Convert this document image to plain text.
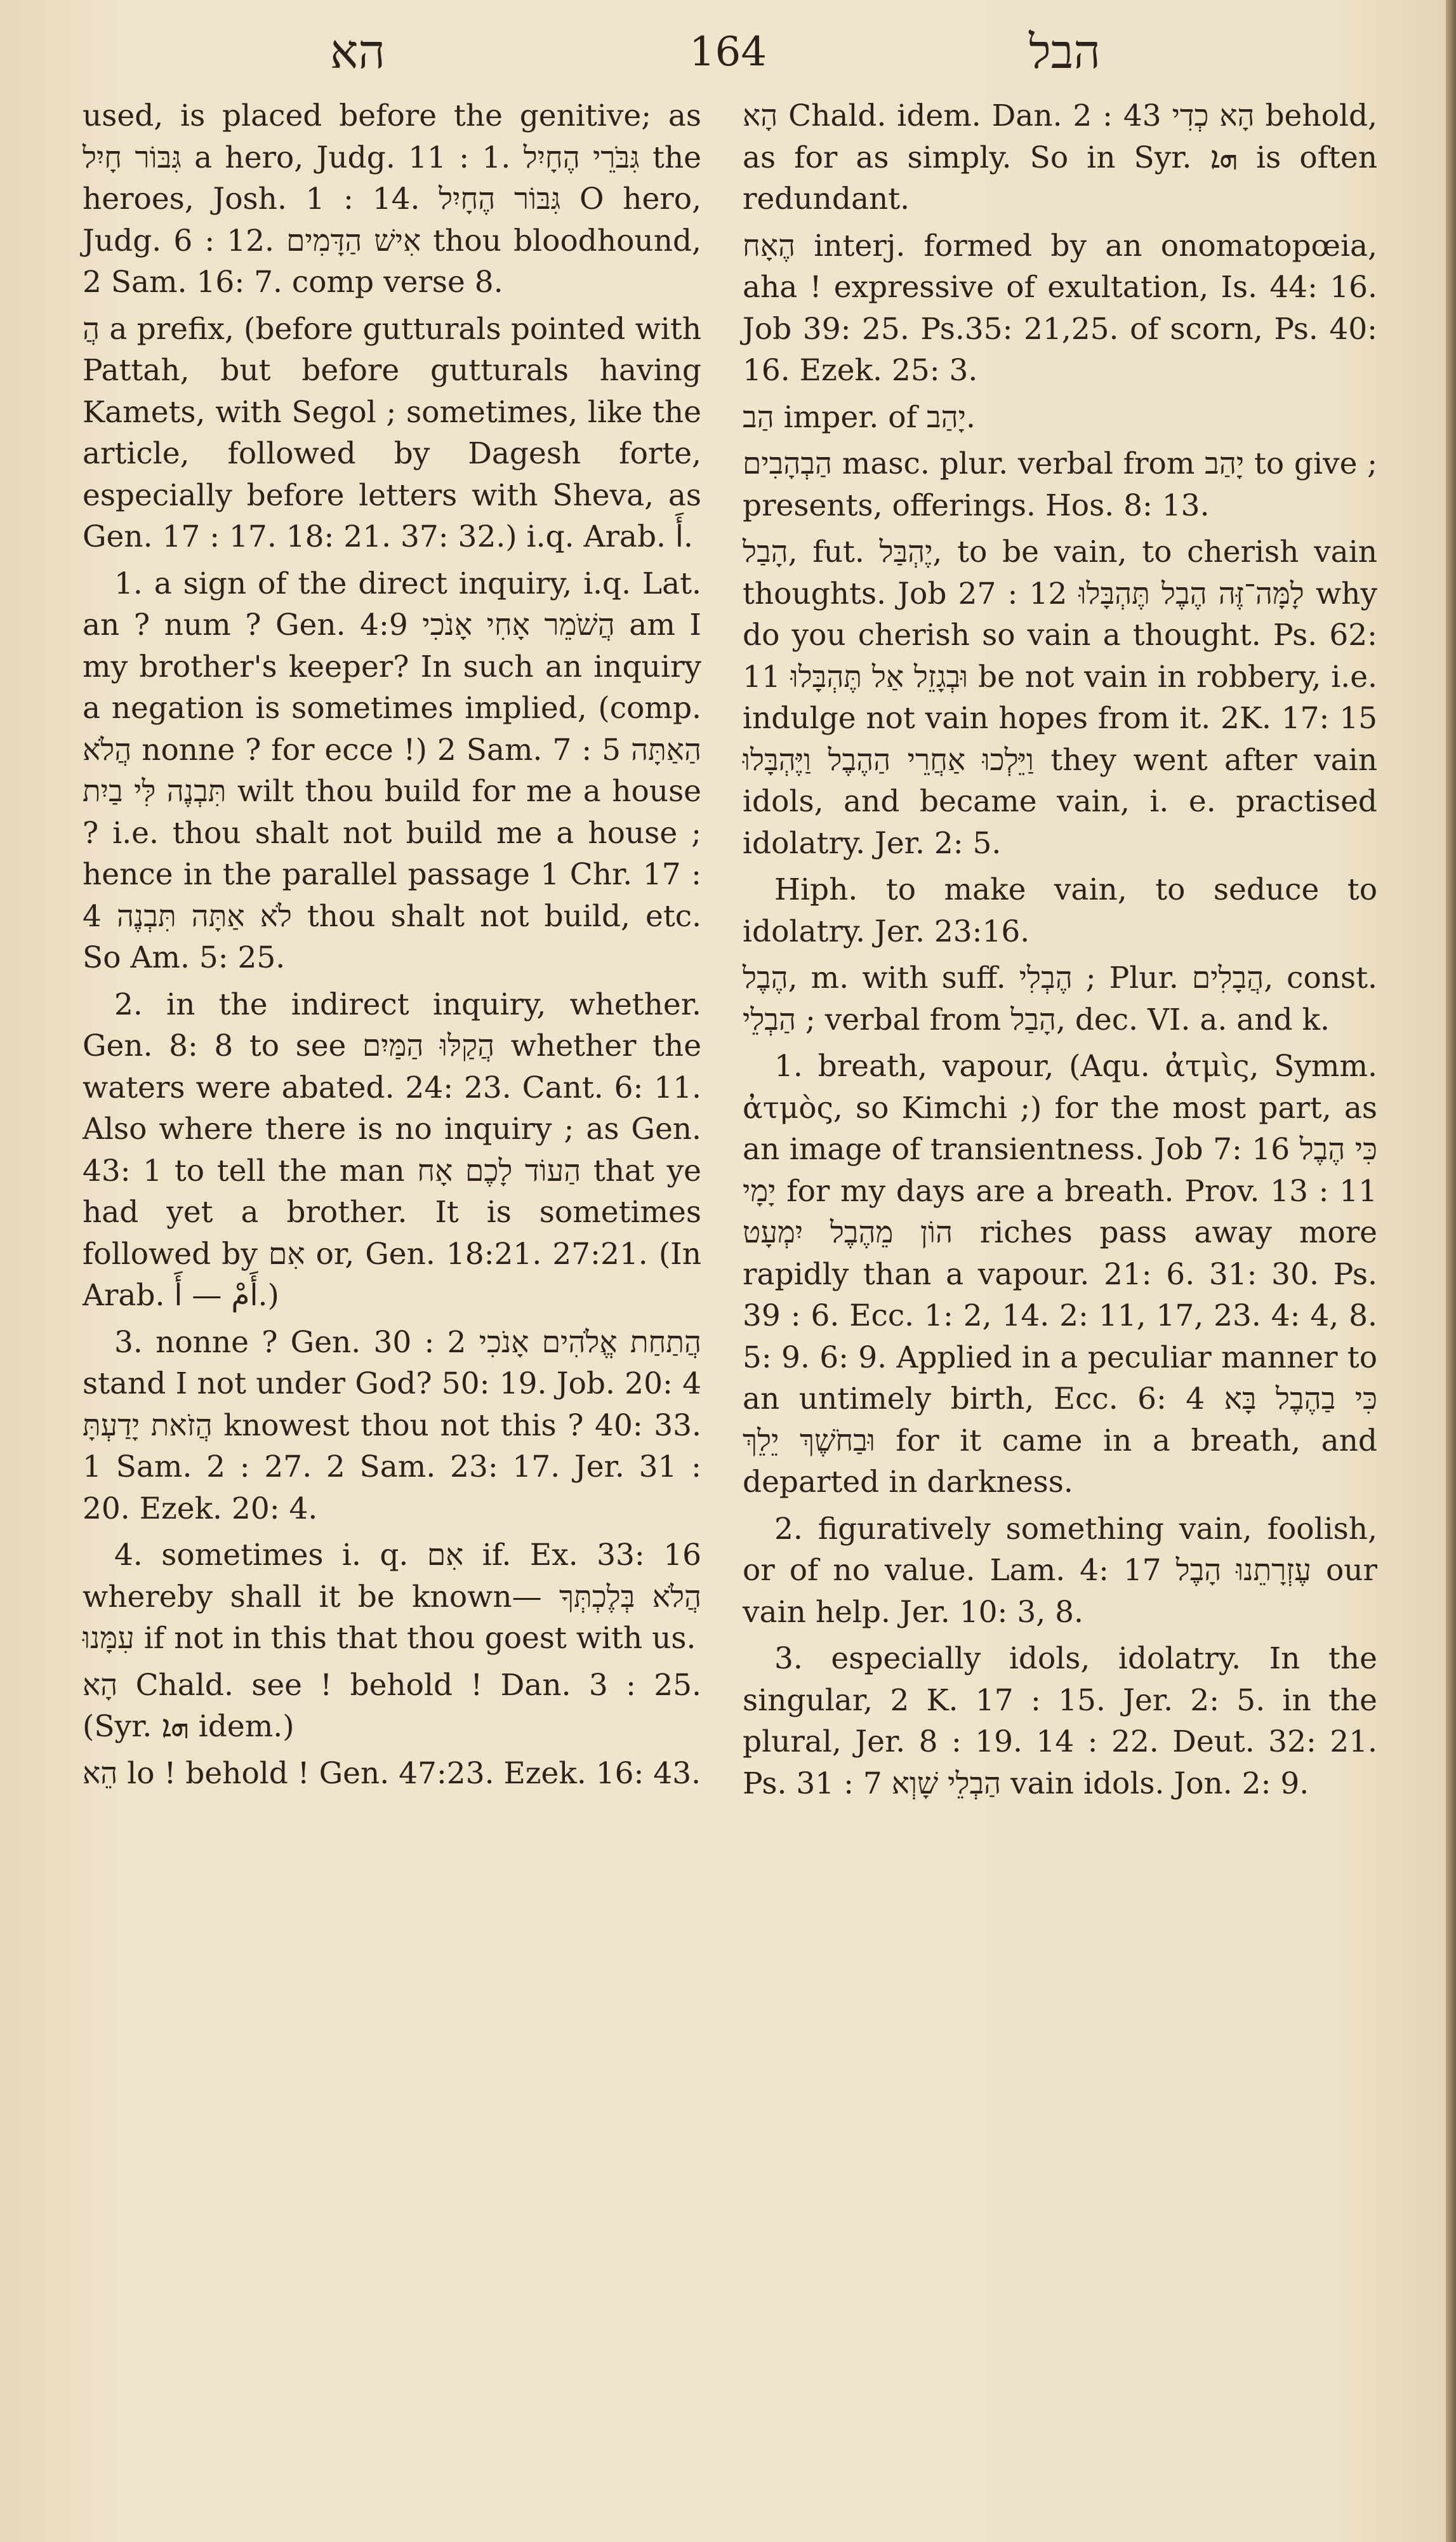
הא	164	הבל

used, is placed before the genitive; as גִּבּוֹר חָיִל a hero, Judg. 11 : 1. גִּבֹּרֵי הֶחָיִל the heroes, Josh. 1 : 14. גִּבּוֹר הֶחָיִל O hero, Judg. 6 : 12. אִישׁ הַדָּמִים thou bloodhound, 2 Sam. 16: 7. comp verse 8.

הֲ a prefix, (before gutturals pointed with Pattah, but before gutturals having Kamets, with Segol ; sometimes, like the article, followed by Dagesh forte, especially before letters with Sheva, as Gen. 17 : 17. 18: 21. 37: 32.) i.q. Arab. أَ.

1. a sign of the direct inquiry, i.q. Lat. an ? num ? Gen. 4:9 הֲשֹׁמֵר אָחִי אָנֹכִי am I my brother's keeper? In such an inquiry a negation is sometimes implied, (comp. הֲלֹא nonne ? for ecce !) 2 Sam. 7 : 5 הַאַתָּה תִּבְנֶה לִּי בַיִת wilt thou build for me a house ? i.e. thou shalt not build me a house ; hence in the parallel passage 1 Chr. 17 : 4 לֹא אַתָּה תִּבְנֶה thou shalt not build, etc. So Am. 5: 25.

2. in the indirect inquiry, whether. Gen. 8: 8 to see הֲקַלּוּ הַמַּיִם whether the waters were abated. 24: 23. Cant. 6: 11. Also where there is no inquiry ; as Gen. 43: 1 to tell the man הַעוֹד לָכֶם אָח that ye had yet a brother. It is sometimes followed by אִם or, Gen. 18:21. 27:21. (In Arab. أَمْ — أَ.)

3. nonne ? Gen. 30 : 2 הֲתַחַת אֱלֹהִים אָנֹכִי stand I not under God? 50: 19. Job. 20: 4 הֲזֹאת יָדַעְתָּ knowest thou not this ? 40: 33. 1 Sam. 2 : 27. 2 Sam. 23: 17. Jer. 31 : 20. Ezek. 20: 4.

4. sometimes i. q. אִם if. Ex. 33: 16 whereby shall it be known— הֲלֹא בְּלֶכְתְּךָ עִמָּנוּ if not in this that thou goest with us.

הָא Chald. see ! behold ! Dan. 3 : 25. (Syr. ܗܐ idem.)

הֵא lo ! behold ! Gen. 47:23. Ezek. 16: 43.

הָא Chald. idem. Dan. 2 : 43 הָא כְדִי behold, as for as simply. So in Syr. ܗܐ is often redundant.

הֶאָח interj. formed by an onomatopœia, aha ! expressive of exultation, Is. 44: 16. Job 39: 25. Ps.35: 21,25. of scorn, Ps. 40: 16. Ezek. 25: 3.

הַב imper. of יָהַב.

הַבְהָבִים masc. plur. verbal from יָהַב to give ; presents, offerings. Hos. 8: 13.

הָבַל, fut. יֶהְבַּל, to be vain, to cherish vain thoughts. Job 27 : 12 לָמָּה־זֶּה הֶבֶל תֶּהְבָּלוּ why do you cherish so vain a thought. Ps. 62: 11 וּבְגָזֵל אַל תֶּהְבָּלוּ be not vain in robbery, i.e. indulge not vain hopes from it. 2K. 17: 15 וַיֵּלְכוּ אַחֲרֵי הַהֶבֶל וַיֶּהְבָּלוּ they went after vain idols, and became vain, i. e. practised idolatry. Jer. 2: 5.

Hiph. to make vain, to seduce to idolatry. Jer. 23:16.

הֶבֶל, m. with suff. הֶבְלִי ; Plur. הֲבָלִים, const. הַבְלֵי ; verbal from הָבַל, dec. VI. a. and k.

1. breath, vapour, (Aqu. ἀτμὶς, Symm. ἀτμὸς, so Kimchi ;) for the most part, as an image of transientness. Job 7: 16 כִּי הֶבֶל יָמָי for my days are a breath. Prov. 13 : 11 הוֹן מֵהֶבֶל יִמְעָט riches pass away more rapidly than a vapour. 21: 6. 31: 30. Ps. 39 : 6. Ecc. 1: 2, 14. 2: 11, 17, 23. 4: 4, 8. 5: 9. 6: 9. Applied in a peculiar manner to an untimely birth, Ecc. 6: 4 כִּי בַהֶבֶל בָּא וּבַחֹשֶׁךְ יֵלֵךְ for it came in a breath, and departed in darkness.

2. figuratively something vain, foolish, or of no value. Lam. 4: 17 עֶזְרָתֵנוּ הָבֶל our vain help. Jer. 10: 3, 8.

3. especially idols, idolatry. In the singular, 2 K. 17 : 15. Jer. 2: 5. in the plural, Jer. 8 : 19. 14 : 22. Deut. 32: 21. Ps. 31 : 7 הַבְלֵי שָׁוְא vain idols. Jon. 2: 9.
